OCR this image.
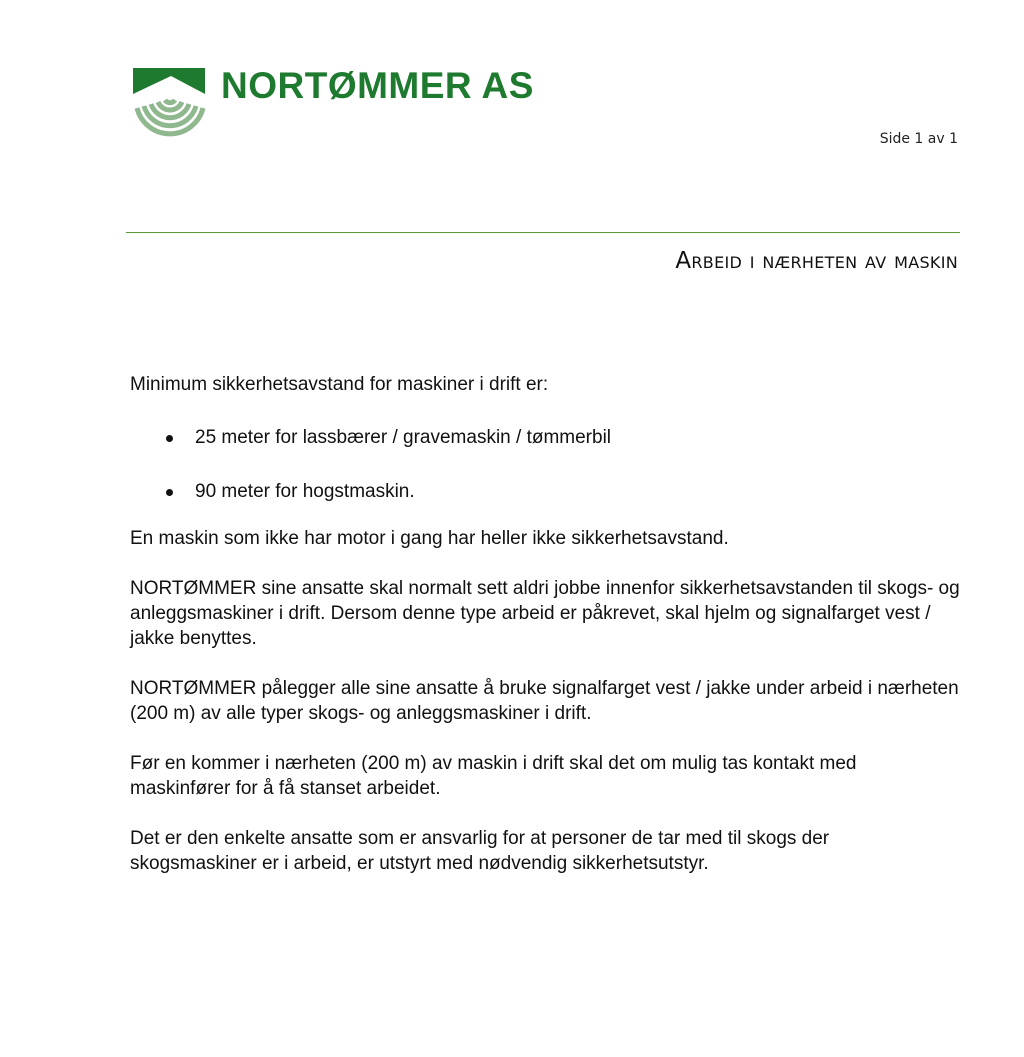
NORTØMMER AS
Side 1 av 1
Arbeid i nærheten av maskin

Minimum sikkerhetsavstand for maskiner i drift er:

25 meter for lassbærer / gravemaskin / tømmerbil
90 meter for hogstmaskin.

En maskin som ikke har motor i gang har heller ikke sikkerhetsavstand.

NORTØMMER sine ansatte skal normalt sett aldri jobbe innenfor sikkerhetsavstanden til skogs- og anleggsmaskiner i drift. Dersom denne type arbeid er påkrevet, skal hjelm og signalfarget vest / jakke benyttes.

NORTØMMER pålegger alle sine ansatte å bruke signalfarget vest / jakke under arbeid i nærheten (200 m) av alle typer skogs- og anleggsmaskiner i drift.

Før en kommer i nærheten (200 m) av maskin i drift skal det om mulig tas kontakt med maskinfører for å få stanset arbeidet.

Det er den enkelte ansatte som er ansvarlig for at personer de tar med til skogs der skogsmaskiner er i arbeid, er utstyrt med nødvendig sikkerhetsutstyr.
